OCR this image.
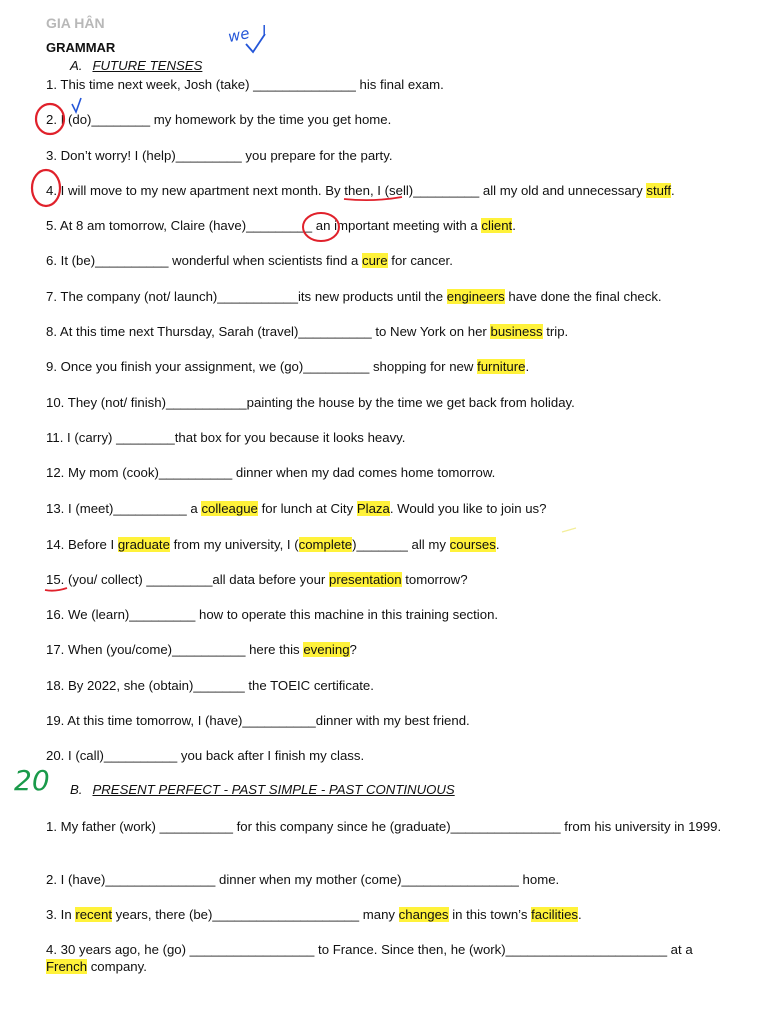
GIA HÂN
GRAMMAR
A. FUTURE TENSES
1. This time next week, Josh (take) ______________ his final exam.
2. I (do)________ my homework by the time you get home.
3. Don’t worry! I (help)_________ you prepare for the party.
4. I will move to my new apartment next month. By then, I (sell)_________ all my old and unnecessary stuff.
5. At 8 am tomorrow, Claire (have)_________ an important meeting with a client.
6. It (be)__________ wonderful when scientists find a cure for cancer.
7. The company (not/ launch)___________its new products until the engineers have done the final check.
8. At this time next Thursday, Sarah (travel)__________ to New York on her business trip.
9. Once you finish your assignment, we (go)_________ shopping for new furniture.
10. They (not/ finish)___________painting the house by the time we get back from holiday.
11. I (carry) ________that box for you because it looks heavy.
12. My mom (cook)__________ dinner when my dad comes home tomorrow.
13. I (meet)__________ a colleague for lunch at City Plaza. Would you like to join us?
14. Before I graduate from my university, I (complete)_______ all my courses.
15. (you/ collect) _________all data before your presentation tomorrow?
16. We (learn)_________ how to operate this machine in this training section.
17. When (you/come)__________ here this evening?
18. By 2022, she (obtain)_______ the TOEIC certificate.
19. At this time tomorrow, I (have)__________dinner with my best friend.
20. I (call)__________ you back after I finish my class.
B. PRESENT PERFECT - PAST SIMPLE - PAST CONTINUOUS
1. My father (work) __________ for this company since he (graduate)_______________ from his university in 1999.
2. I (have)_______________ dinner when my mother (come)________________ home.
3. In recent years, there (be)____________________ many changes in this town’s facilities.
4. 30 years ago, he (go) _________________ to France. Since then, he (work)______________________ at a French company.
we I
20
